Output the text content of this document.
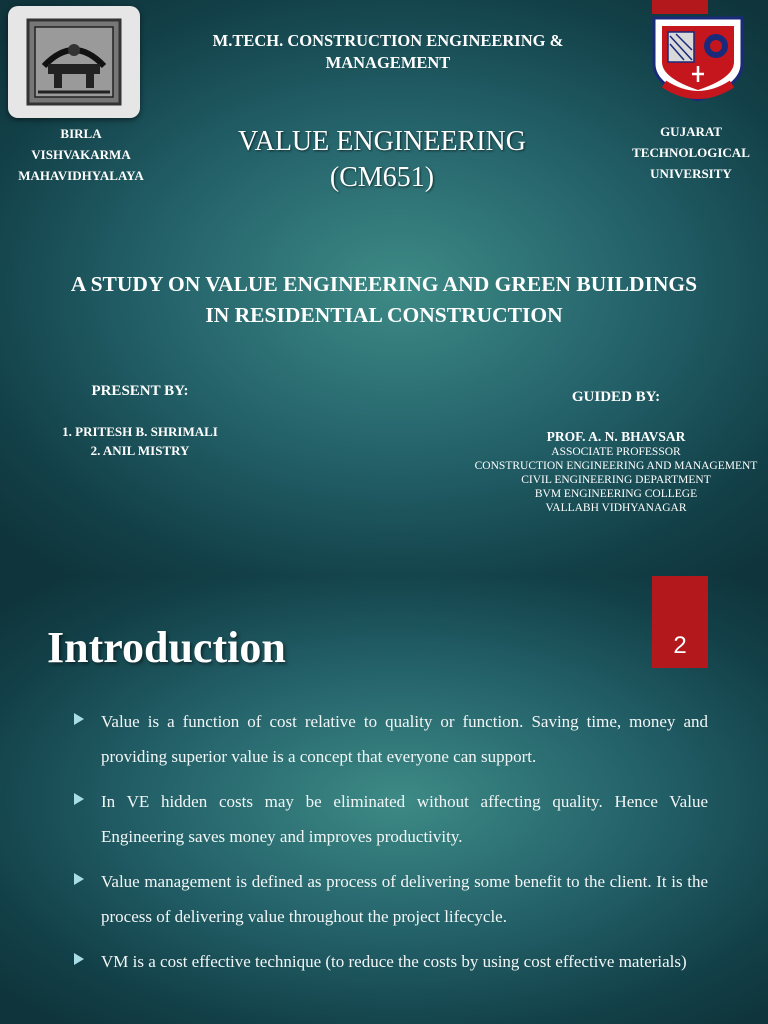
M.TECH. CONSTRUCTION ENGINEERING &
MANAGEMENT
BIRLA
VISHVAKARMA
MAHAVIDHYALAYA
GUJARAT
TECHNOLOGICAL
UNIVERSITY
VALUE ENGINEERING
(CM651)
A STUDY ON VALUE ENGINEERING AND GREEN BUILDINGS
IN RESIDENTIAL CONSTRUCTION
PRESENT BY:
1. PRITESH B. SHRIMALI
2. ANIL MISTRY
GUIDED BY:
PROF. A. N. BHAVSAR
ASSOCIATE PROFESSOR
CONSTRUCTION ENGINEERING AND MANAGEMENT
CIVIL ENGINEERING DEPARTMENT
BVM ENGINEERING COLLEGE
VALLABH VIDHYANAGAR
2
Introduction
Value is a function of cost relative to quality or function. Saving time, money and providing superior value is a concept that everyone can support.
In VE hidden costs may be eliminated without affecting quality. Hence Value Engineering saves money and improves productivity.
Value management is defined as process of delivering some benefit to the client. It is the process of delivering value throughout the project lifecycle.
VM is a cost effective technique (to reduce the costs by using cost effective materials)
